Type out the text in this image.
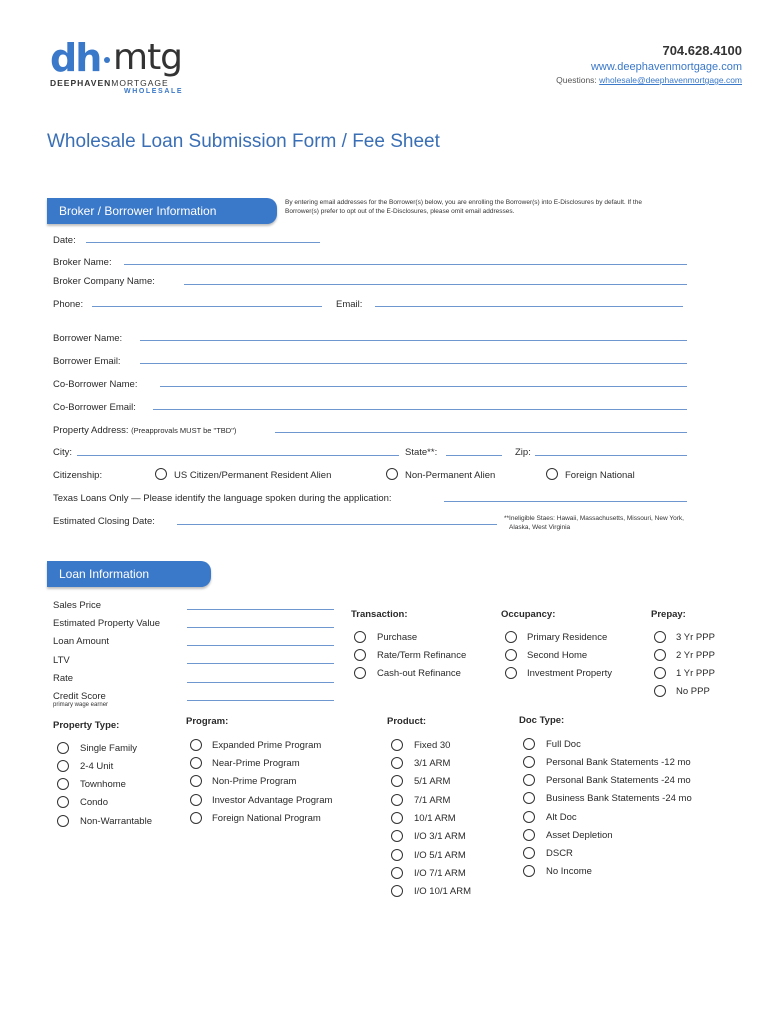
dh mtg
DEEPHAVENMORTGAGE
WHOLESALE
704.628.4100
www.deephavenmortgage.com
Questions: wholesale@deephavenmortgage.com
Wholesale Loan Submission Form / Fee Sheet
Broker / Borrower Information
By entering email addresses for the Borrower(s) below, you are enrolling the Borrower(s) into E-Disclosures by default. If the Borrower(s) prefer to opt out of the E-Disclosures, please omit email addresses.
Date:
Broker Name:
Broker Company Name:
Phone:	Email:
Borrower Name:
Borrower Email:
Co-Borrower Name:
Co-Borrower Email:
Property Address: (Preapprovals MUST be "TBD")
City:	State**:	Zip:
Citizenship:	US Citizen/Permanent Resident Alien	Non-Permanent Alien	Foreign National
Texas Loans Only — Please identify the language spoken during the application:
Estimated Closing Date:	**Ineligible Staes: Hawaii, Massachusetts, Missouri, New York,
Alaska, West Virginia
Loan Information
Sales Price
Estimated Property Value
Loan Amount
LTV
Rate
Credit Score
primary wage earner
Transaction:
Purchase
Rate/Term Refinance
Cash-out Refinance
Occupancy:
Primary Residence
Second Home
Investment Property
Prepay:
3 Yr PPP
2 Yr PPP
1 Yr PPP
No PPP
Property Type:
Single Family
2-4 Unit
Townhome
Condo
Non-Warrantable
Program:
Expanded Prime Program
Near-Prime Program
Non-Prime Program
Investor Advantage Program
Foreign National Program
Product:
Fixed 30
3/1 ARM
5/1 ARM
7/1 ARM
10/1 ARM
I/O 3/1 ARM
I/O 5/1 ARM
I/O 7/1 ARM
I/O 10/1 ARM
Doc Type:
Full Doc
Personal Bank Statements -12 mo
Personal Bank Statements -24 mo
Business Bank Statements -24 mo
Alt Doc
Asset Depletion
DSCR
No Income
